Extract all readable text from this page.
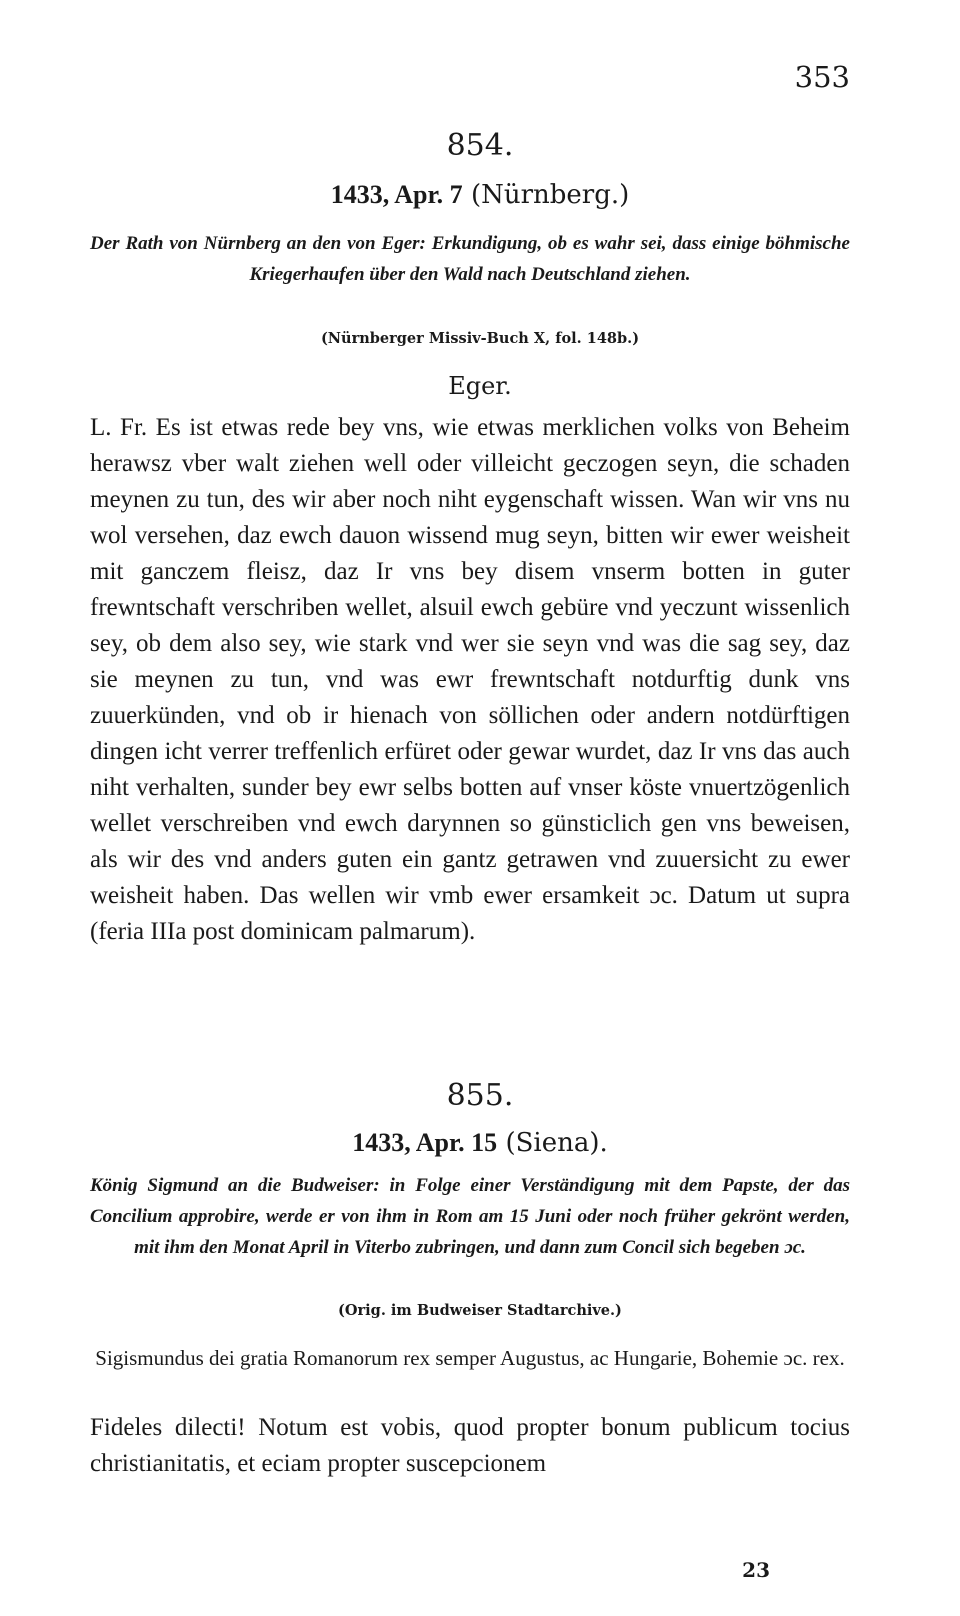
353
854.
1433, Apr. 7 (Nürnberg.)
Der Rath von Nürnberg an den von Eger: Erkundigung, ob es wahr sei, dass einige böhmische Kriegerhaufen über den Wald nach Deutschland ziehen.
(Nürnberger Missiv-Buch X, fol. 148b.)
Eger.
L. Fr. Es ist etwas rede bey vns, wie etwas merklichen volks von Beheim herawsz vber walt ziehen well oder villeicht geczogen seyn, die schaden meynen zu tun, des wir aber noch niht eygenschaft wissen. Wan wir vns nu wol versehen, daz ewch dauon wissend mug seyn, bitten wir ewer weisheit mit ganczem fleisz, daz Ir vns bey disem vnserm botten in guter frewntschaft verschriben wellet, alsuil ewch gebüre vnd yeczunt wissenlich sey, ob dem also sey, wie stark vnd wer sie seyn vnd was die sag sey, daz sie meynen zu tun, vnd was ewr frewntschaft notdurftig dunk vns zuuerkünden, vnd ob ir hienach von söllichen oder andern notdürftigen dingen icht verrer treffenlich erfüret oder gewar wurdet, daz Ir vns das auch niht verhalten, sunder bey ewr selbs botten auf vnser köste vnuertzögenlich wellet verschreiben vnd ewch darynnen so günsticlich gen vns beweisen, als wir des vnd anders guten ein gantz getrawen vnd zuuersicht zu ewer weisheit haben. Das wellen wir vmb ewer ersamkeit ɔc. Datum ut supra (feria IIIa post dominicam palmarum).
855.
1433, Apr. 15 (Siena).
König Sigmund an die Budweiser: in Folge einer Verständigung mit dem Papste, der das Concilium approbire, werde er von ihm in Rom am 15 Juni oder noch früher gekrönt werden, mit ihm den Monat April in Viterbo zubringen, und dann zum Concil sich begeben ɔc.
(Orig. im Budweiser Stadtarchive.)
Sigismundus dei gratia Romanorum rex semper Augustus, ac Hungarie, Bohemie ɔc. rex.
Fideles dilecti! Notum est vobis, quod propter bonum publicum tocius christianitatis, et eciam propter suscepcionem
23
